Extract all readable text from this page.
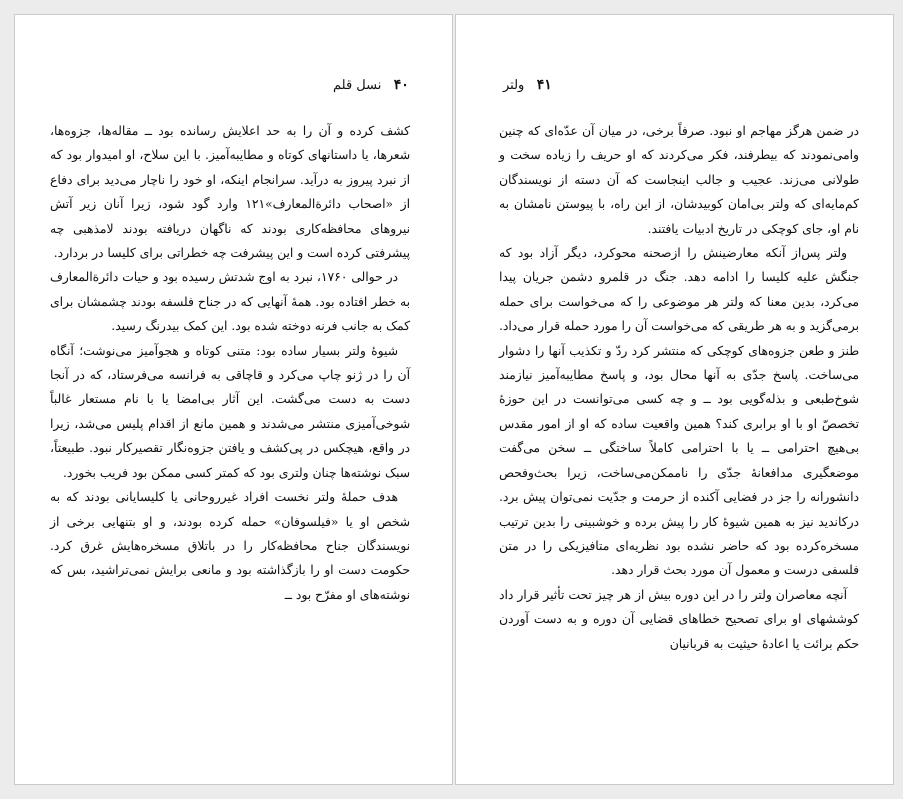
۴۰   نسل قلم

کشف کرده و آن را به حد اعلایش رسانده بود ــ مقاله‌ها، جزوه‌ها، شعرها، یا داستانهای کوتاه و مطایبه‌آمیز. با این سلاح، او امیدوار بود که از نبرد پیروز به درآید. سرانجام اینکه، او خود را ناچار می‌دید برای دفاع از «اصحاب دائرةالمعارف»۱۲۱ وارد گود شود، زیرا آنان زیر آتش نیروهای محافظه‌کاری بودند که ناگهان دریافته بودند لامذهبی چه پیشرفتی کرده است و این پیشرفت چه خطراتی برای کلیسا در بردارد.

در حوالی ۱۷۶۰، نبرد به اوج شدتش رسیده بود و حیات دائرةالمعارف به خطر افتاده بود. همهٔ آنهایی که در جناح فلسفه بودند چشمشان برای کمک به جانب فرنه دوخته شده بود. این کمک بیدرنگ رسید.

شیوهٔ ولتر بسیار ساده بود: متنی کوتاه و هجوآمیز می‌نوشت؛ آنگاه آن را در ژنو چاپ می‌کرد و قاچاقی به فرانسه می‌فرستاد، که در آنجا دست به دست می‌گشت. این آثار بی‌امضا یا با نام مستعار غالباً شوخی‌آمیزی منتشر می‌شدند و همین مانع از اقدام پلیس می‌شد، زیرا در واقع، هیچکس در پی‌کشف و یافتن جزوه‌نگار تقصیرکار نبود. طبیعتاً، سبک نوشته‌ها چنان ولتری بود که کمتر کسی ممکن بود فریب بخورد.

هدف حملهٔ ولتر نخست افراد غیرروحانی یا کلیسایانی بودند که به شخص او یا «فیلسوفان» حمله کرده بودند، و او بتنهایی برخی از نویسندگان جناح محافظه‌کار را در باتلاق مسخره‌هایش غرق کرد. حکومت دست او را بازگذاشته بود و مانعی برایش نمی‌تراشید، بس که نوشته‌های او مفرّح بود ــ

۴۱   ولتر

در ضمن هرگز مهاجم او نبود. صرفاً برخی، در میان آن عدّه‌ای که چنین وامی‌نمودند که بیطرفند، فکر می‌کردند که او حریف را زیاده سخت و طولانی می‌زند. عجیب و جالب اینجاست که آن دسته از نویسندگان کم‌مایه‌ای که ولتر بی‌امان کوبیدشان، از این راه، با پیوستن نامشان به نام او، جای کوچکی در تاریخ ادبیات یافتند.

ولتر پس‌از آنکه معارضینش را ازصحنه محوکرد، دیگر آزاد بود که جنگش علیه کلیسا را ادامه دهد. جنگ در قلمرو دشمن جریان پیدا می‌کرد، بدین معنا که ولتر هر موضوعی را که می‌خواست برای حمله برمی‌گزید و به هر طریقی که می‌خواست آن را مورد حمله قرار می‌داد. طنز و طعن جزوه‌های کوچکی که منتشر کرد ردّ و تکذیب آنها را دشوار می‌ساخت. پاسخ جدّی به آنها محال بود، و پاسخ مطایبه‌آمیز نیازمند شوخ‌طبعی و بذله‌گویی بود ــ و چه کسی می‌توانست در این حوزهٔ تخصصّ او با او برابری کند؟ همین واقعیت ساده که او از امور مقدس بی‌هیچ احترامی ــ یا با احترامی کاملاً ساختگی ــ سخن می‌گفت موضعگیری مدافعانهٔ جدّی را ناممکن‌می‌ساخت، زیرا بحث‌وفحص دانشورانه را جز در فضایی آکنده از حرمت و جدّیت نمی‌توان پیش برد. درکاندید نیز به همین شیوهٔ کار را پیش برده و خوشبینی را بدین ترتیب مسخره‌کرده بود که حاضر نشده بود نظریه‌ای متافیزیکی را در متن فلسفی درست و معمول آن مورد بحث قرار دهد.

آنچه معاصران ولتر را در این دوره بیش از هر چیز تحت تأثیر قرار داد کوششهای او برای تصحیح خطاهای قضایی آن دوره و به دست آوردن حکم برائت یا اعادهٔ حیثیت به قربانیان
